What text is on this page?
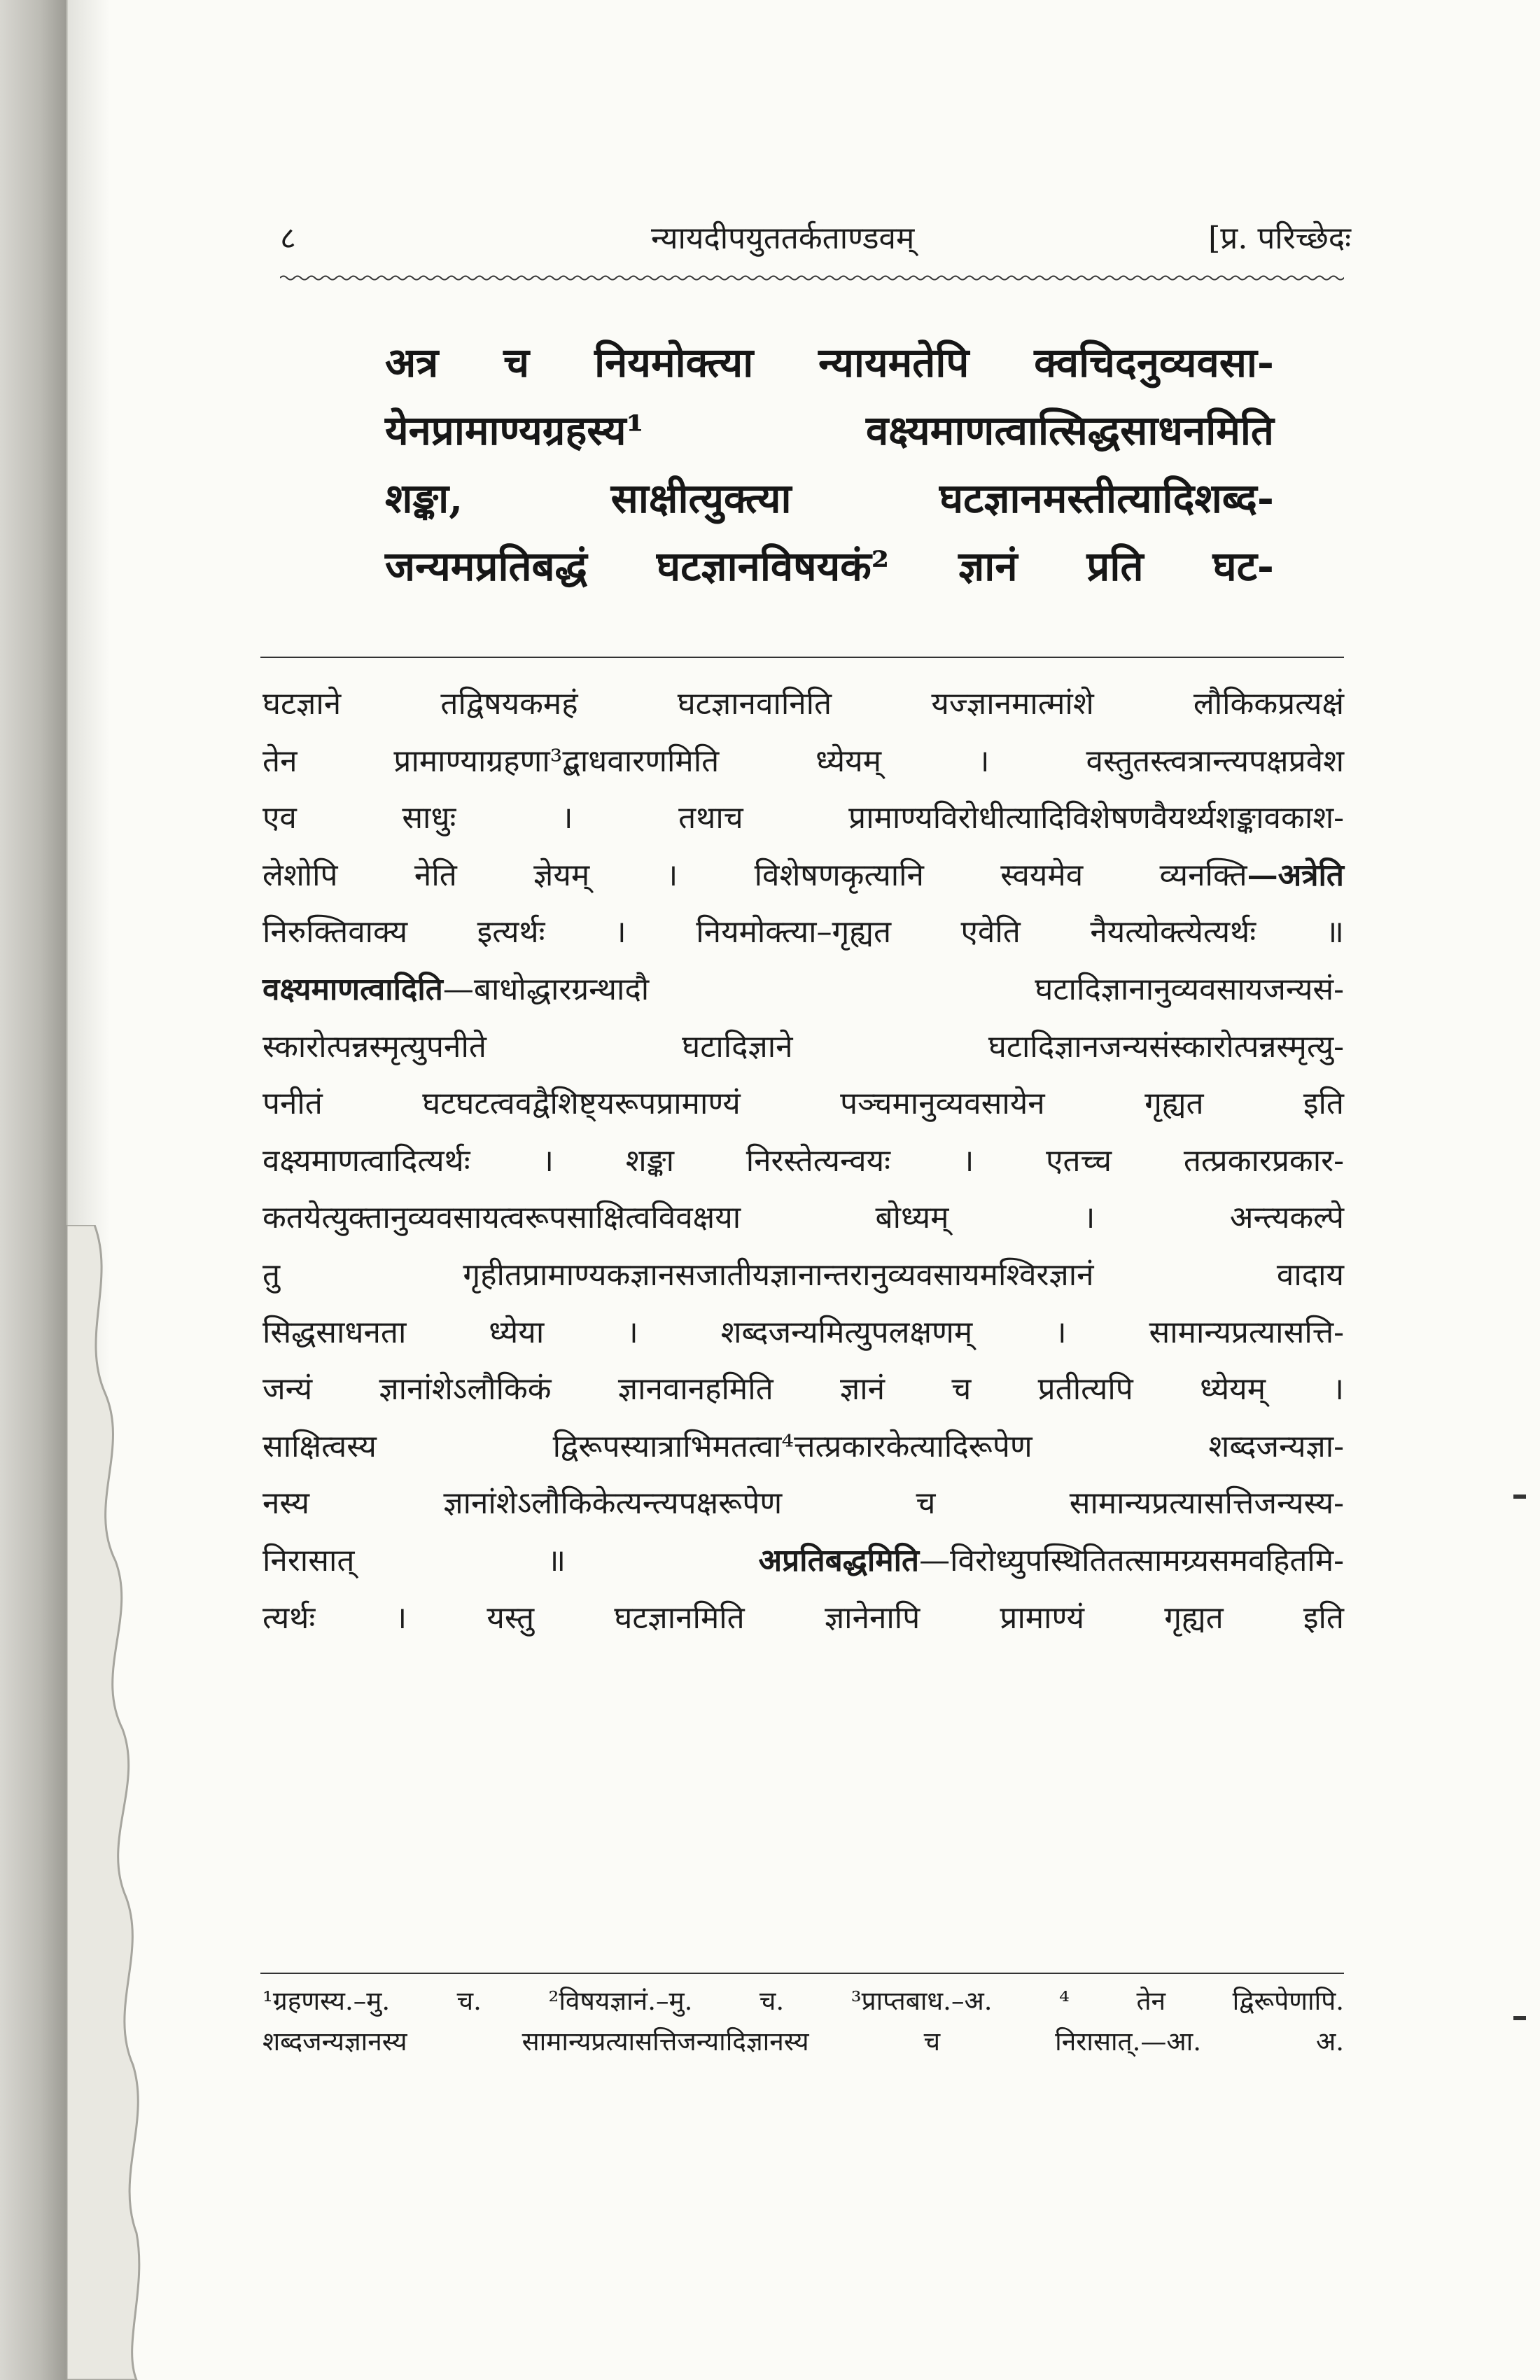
८	न्यायदीपयुततर्कताण्डवम्	[प्र. परिच्छेदः
अत्र च नियमोक्त्या न्यायमतेपि क्वचिदनुव्यवसा-
येनप्रामाण्यग्रहस्य¹ वक्ष्यमाणत्वात्सिद्धसाधनमिति
शङ्का, साक्षीत्युक्त्या घटज्ञानमस्तीत्यादिशब्द-
जन्यमप्रतिबद्धं घटज्ञानविषयकं² ज्ञानं प्रति घट-
घटज्ञाने तद्विषयकमहं घटज्ञानवानिति यज्ज्ञानमात्मांशे लौकिकप्रत्यक्षं
तेन प्रामाण्याग्रहणा³द्बाधवारणमिति ध्येयम् । वस्तुतस्त्वत्रान्त्यपक्षप्रवेश
एव साधुः । तथाच प्रामाण्यविरोधीत्यादिविशेषणवैयर्थ्यशङ्कावकाश-
लेशोपि नेति ज्ञेयम् । विशेषणकृत्यानि स्वयमेव व्यनक्ति—अत्रेति
निरुक्तिवाक्य इत्यर्थः । नियमोक्त्या–गृह्यत एवेति नैयत्योक्त्येत्यर्थः ॥
वक्ष्यमाणत्वादिति—बाधोद्धारग्रन्थादौ घटादिज्ञानानुव्यवसायजन्यसं-
स्कारोत्पन्नस्मृत्युपनीते घटादिज्ञाने घटादिज्ञानजन्यसंस्कारोत्पन्नस्मृत्यु-
पनीतं घटघटत्ववद्वैशिष्ट्यरूपप्रामाण्यं पञ्चमानुव्यवसायेन गृह्यत इति
वक्ष्यमाणत्वादित्यर्थः । शङ्का निरस्तेत्यन्वयः । एतच्च तत्प्रकारप्रकार-
कतयेत्युक्तानुव्यवसायत्वरूपसाक्षित्वविवक्षया बोध्यम् । अन्त्यकल्पे
तु गृहीतप्रामाण्यकज्ञानसजातीयज्ञानान्तरानुव्यवसायमश्विरज्ञानं वादाय
सिद्धसाधनता ध्येया । शब्दजन्यमित्युपलक्षणम् । सामान्यप्रत्यासत्ति-
जन्यं ज्ञानांशेऽलौकिकं ज्ञानवानहमिति ज्ञानं च प्रतीत्यपि ध्येयम् ।
साक्षित्वस्य द्विरूपस्यात्राभिमतत्वा⁴त्तत्प्रकारकेत्यादिरूपेण शब्दजन्यज्ञा-
नस्य ज्ञानांशेऽलौकिकेत्यन्त्यपक्षरूपेण च सामान्यप्रत्यासत्तिजन्यस्य-
निरासात् ॥ अप्रतिबद्धमिति—विरोध्युपस्थितितत्सामग्र्यसमवहितमि-
त्यर्थः । यस्तु घटज्ञानमिति ज्ञानेनापि प्रामाण्यं गृह्यत इति
¹ग्रहणस्य.–मु. च. ²विषयज्ञानं.–मु. च. ³प्राप्तबाध.–अ. ⁴ तेन द्विरूपेणापि.
शब्दजन्यज्ञानस्य सामान्यप्रत्यासत्तिजन्यादिज्ञानस्य च निरासात्.—आ. अ.
